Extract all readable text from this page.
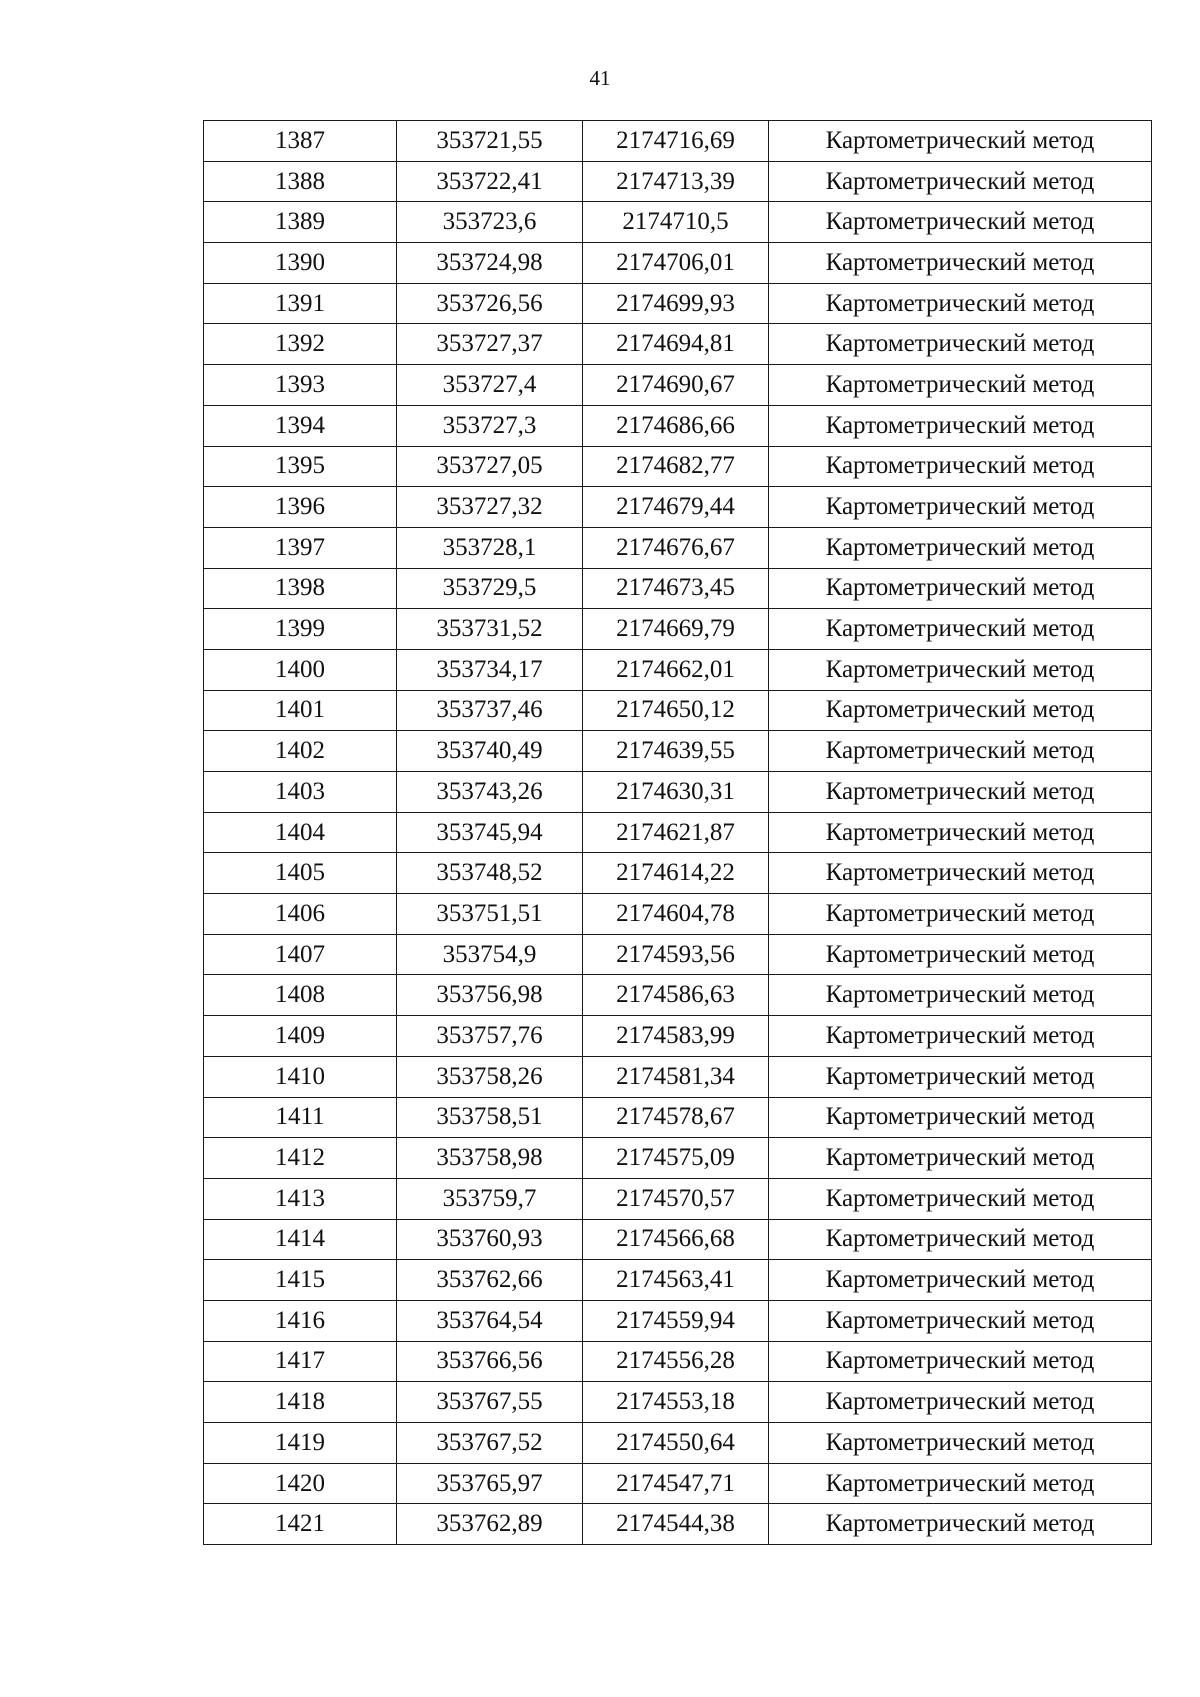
41
1387	353721,55	2174716,69	Картометрический метод
1388	353722,41	2174713,39	Картометрический метод
1389	353723,6	2174710,5	Картометрический метод
1390	353724,98	2174706,01	Картометрический метод
1391	353726,56	2174699,93	Картометрический метод
1392	353727,37	2174694,81	Картометрический метод
1393	353727,4	2174690,67	Картометрический метод
1394	353727,3	2174686,66	Картометрический метод
1395	353727,05	2174682,77	Картометрический метод
1396	353727,32	2174679,44	Картометрический метод
1397	353728,1	2174676,67	Картометрический метод
1398	353729,5	2174673,45	Картометрический метод
1399	353731,52	2174669,79	Картометрический метод
1400	353734,17	2174662,01	Картометрический метод
1401	353737,46	2174650,12	Картометрический метод
1402	353740,49	2174639,55	Картометрический метод
1403	353743,26	2174630,31	Картометрический метод
1404	353745,94	2174621,87	Картометрический метод
1405	353748,52	2174614,22	Картометрический метод
1406	353751,51	2174604,78	Картометрический метод
1407	353754,9	2174593,56	Картометрический метод
1408	353756,98	2174586,63	Картометрический метод
1409	353757,76	2174583,99	Картометрический метод
1410	353758,26	2174581,34	Картометрический метод
1411	353758,51	2174578,67	Картометрический метод
1412	353758,98	2174575,09	Картометрический метод
1413	353759,7	2174570,57	Картометрический метод
1414	353760,93	2174566,68	Картометрический метод
1415	353762,66	2174563,41	Картометрический метод
1416	353764,54	2174559,94	Картометрический метод
1417	353766,56	2174556,28	Картометрический метод
1418	353767,55	2174553,18	Картометрический метод
1419	353767,52	2174550,64	Картометрический метод
1420	353765,97	2174547,71	Картометрический метод
1421	353762,89	2174544,38	Картометрический метод
